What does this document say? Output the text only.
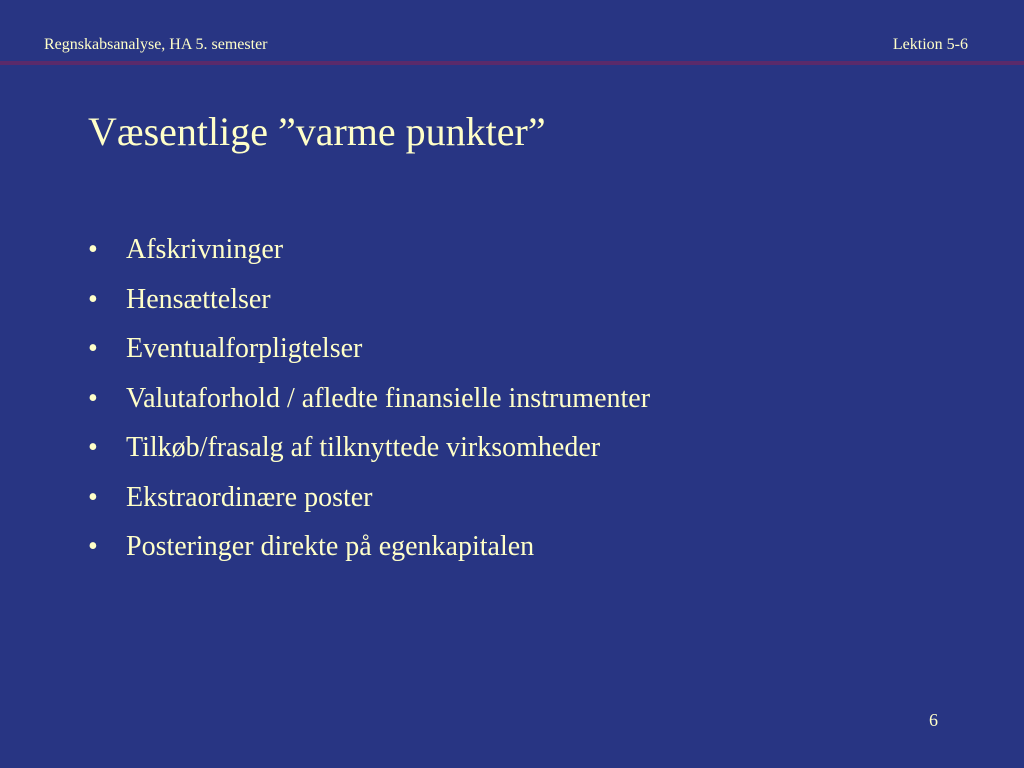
Regnskabsanalyse, HA 5. semester	Lektion 5-6
Væsentlige ”varme punkter”
•	Afskrivninger
•	Hensættelser
•	Eventualforpligtelser
•	Valutaforhold / afledte finansielle instrumenter
•	Tilkøb/frasalg af tilknyttede virksomheder
•	Ekstraordinære poster
•	Posteringer direkte på egenkapitalen
6
